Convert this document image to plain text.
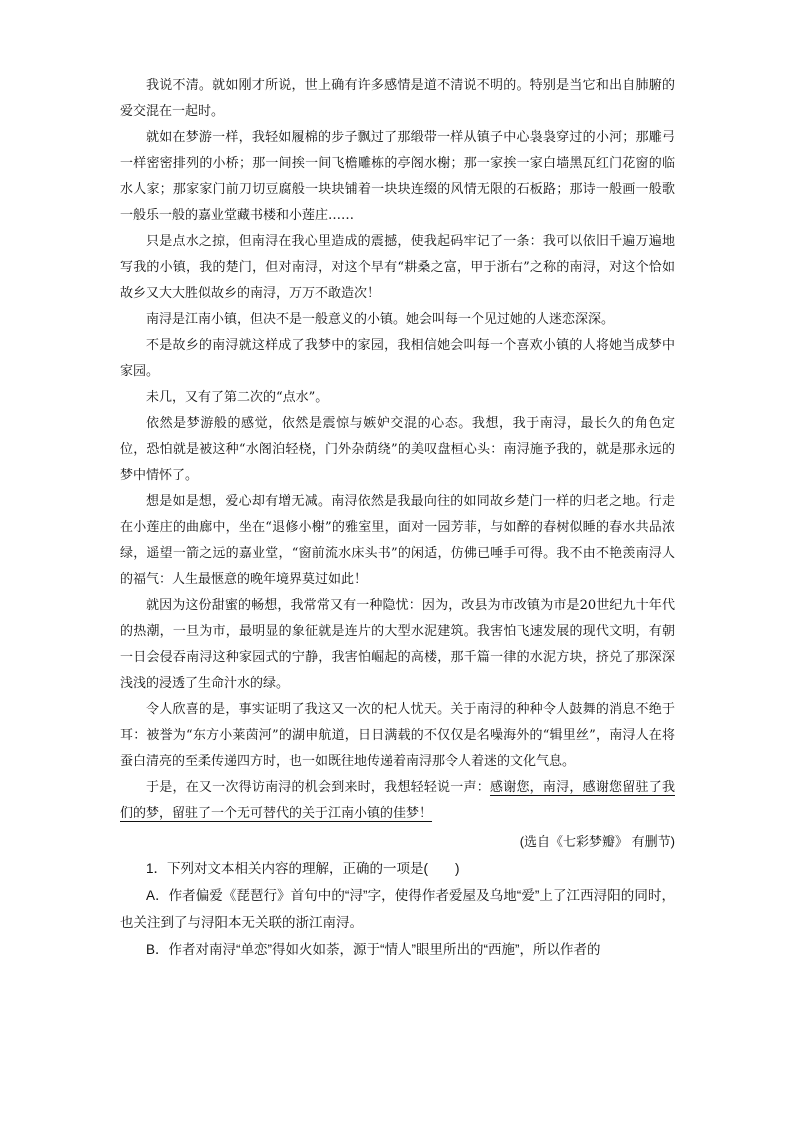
我说不清。就如刚才所说，世上确有许多感情是道不清说不明的。特别是当它和出自肺腑的爱交混在一起时。

就如在梦游一样，我轻如履棉的步子飘过了那缎带一样从镇子中心袅袅穿过的小河；那雕弓一样密密排列的小桥；那一间挨一间飞檐雕栋的亭阁水榭；那一家挨一家白墙黑瓦红门花窗的临水人家；那家家门前刀切豆腐般一块块铺着一块块连缀的风情无限的石板路；那诗一般画一般歌一般乐一般的嘉业堂藏书楼和小莲庄……

只是点水之掠，但南浔在我心里造成的震撼，使我起码牢记了一条：我可以依旧千遍万遍地写我的小镇，我的楚门，但对南浔，对这个早有“耕桑之富，甲于浙右”之称的南浔，对这个恰如故乡又大大胜似故乡的南浔，万万不敢造次！

南浔是江南小镇，但决不是一般意义的小镇。她会叫每一个见过她的人迷恋深深。

不是故乡的南浔就这样成了我梦中的家园，我相信她会叫每一个喜欢小镇的人将她当成梦中家园。

未几，又有了第二次的“点水”。

依然是梦游般的感觉，依然是震惊与嫉妒交混的心态。我想，我于南浔，最长久的角色定位，恐怕就是被这种“水阁泊轻桡，门外杂荫绕”的美叹盘桓心头：南浔施予我的，就是那永远的梦中情怀了。

想是如是想，爱心却有增无减。南浔依然是我最向往的如同故乡楚门一样的归老之地。行走在小莲庄的曲廊中，坐在“退修小榭”的雅室里，面对一园芳菲，与如醉的春树似睡的春水共品浓绿，遥望一箭之远的嘉业堂，“窗前流水床头书”的闲适，仿佛已唾手可得。我不由不艳羡南浔人的福气：人生最惬意的晚年境界莫过如此！

就因为这份甜蜜的畅想，我常常又有一种隐忧：因为，改县为市改镇为市是20世纪九十年代的热潮，一旦为市，最明显的象征就是连片的大型水泥建筑。我害怕飞速发展的现代文明，有朝一日会侵吞南浔这种家园式的宁静，我害怕崛起的高楼，那千篇一律的水泥方块，挤兑了那深深浅浅的浸透了生命汁水的绿。

令人欣喜的是，事实证明了我这又一次的杞人忧天。关于南浔的种种令人鼓舞的消息不绝于耳：被誉为“东方小莱茵河”的湖申航道，日日满载的不仅仅是名噪海外的“辑里丝”，南浔人在将蚕白清亮的至柔传递四方时，也一如既往地传递着南浔那令人着迷的文化气息。

于是，在又一次得访南浔的机会到来时，我想轻轻说一声：感谢您，南浔，感谢您留驻了我们的梦，留驻了一个无可替代的关于江南小镇的佳梦！

(选自《七彩梦瓣》 有删节)

1．下列对文本相关内容的理解，正确的一项是(　　)

A．作者偏爱《琵琶行》首句中的“浔”字，使得作者爱屋及乌地“爱”上了江西浔阳的同时，也关注到了与浔阳本无关联的浙江南浔。

B．作者对南浔“单恋”得如火如荼，源于“情人”眼里所出的“西施”，所以作者的
